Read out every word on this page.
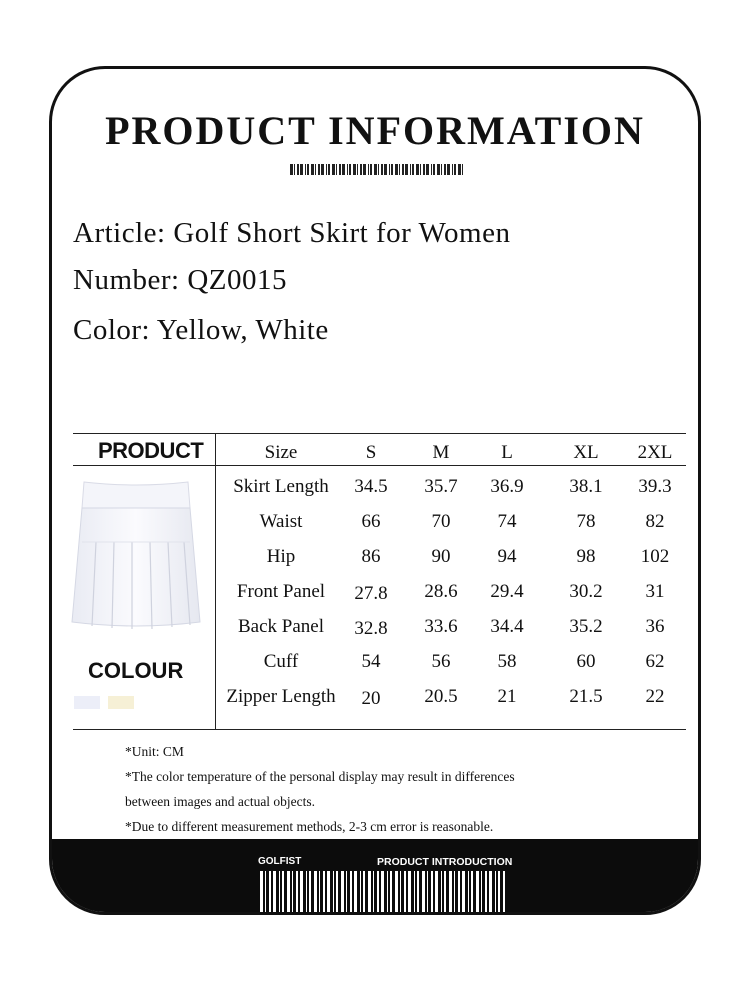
PRODUCT INFORMATION
Article: Golf Short Skirt for Women
Number: QZ0015
Color: Yellow, White
PRODUCT
COLOUR
Size	S	M	L	XL 2XL
Skirt Length 34.5 35.7 36.9 38.1 39.3
Waist	66	70 74	78	82
Hip	86	90 94	98 102
Front Panel 27.8 28.6 29.4 30.2 31
Back Panel 32.8 33.6 34.4 35.2 36
Cuff	54	56 58	60	62
Zipper Length 20 20.5 21	21.5 22
*Unit: CM
*The color temperature of the personal display may result in differences
between images and actual objects.
*Due to different measurement methods, 2-3 cm error is reasonable.
GOLFIST	PRODUCT INTRODUCTION
